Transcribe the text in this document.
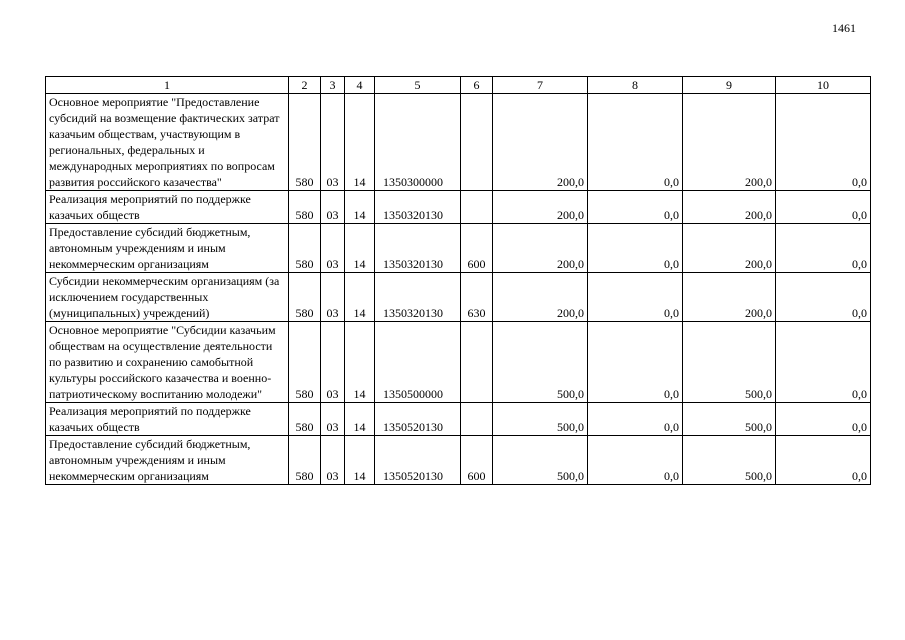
1461
1	2	3	4	5	6	7	8	9	10
Основное мероприятие "Предоставление субсидий на возмещение фактических затрат казачьим обществам, участвующим в региональных, федеральных и международных мероприятиях по вопросам развития российского казачества"	580	03	14	1350300000		200,0	0,0	200,0	0,0
Реализация мероприятий по поддержке казачьих обществ	580	03	14	1350320130		200,0	0,0	200,0	0,0
Предоставление субсидий бюджетным, автономным учреждениям и иным некоммерческим организациям	580	03	14	1350320130	600	200,0	0,0	200,0	0,0
Субсидии некоммерческим организациям (за исключением государственных (муниципальных) учреждений)	580	03	14	1350320130	630	200,0	0,0	200,0	0,0
Основное мероприятие "Субсидии казачьим обществам на осуществление деятельности по развитию и сохранению самобытной культуры российского казачества и военно-патриотическому воспитанию молодежи"	580	03	14	1350500000		500,0	0,0	500,0	0,0
Реализация мероприятий по поддержке казачьих обществ	580	03	14	1350520130		500,0	0,0	500,0	0,0
Предоставление субсидий бюджетным, автономным учреждениям и иным некоммерческим организациям	580	03	14	1350520130	600	500,0	0,0	500,0	0,0
